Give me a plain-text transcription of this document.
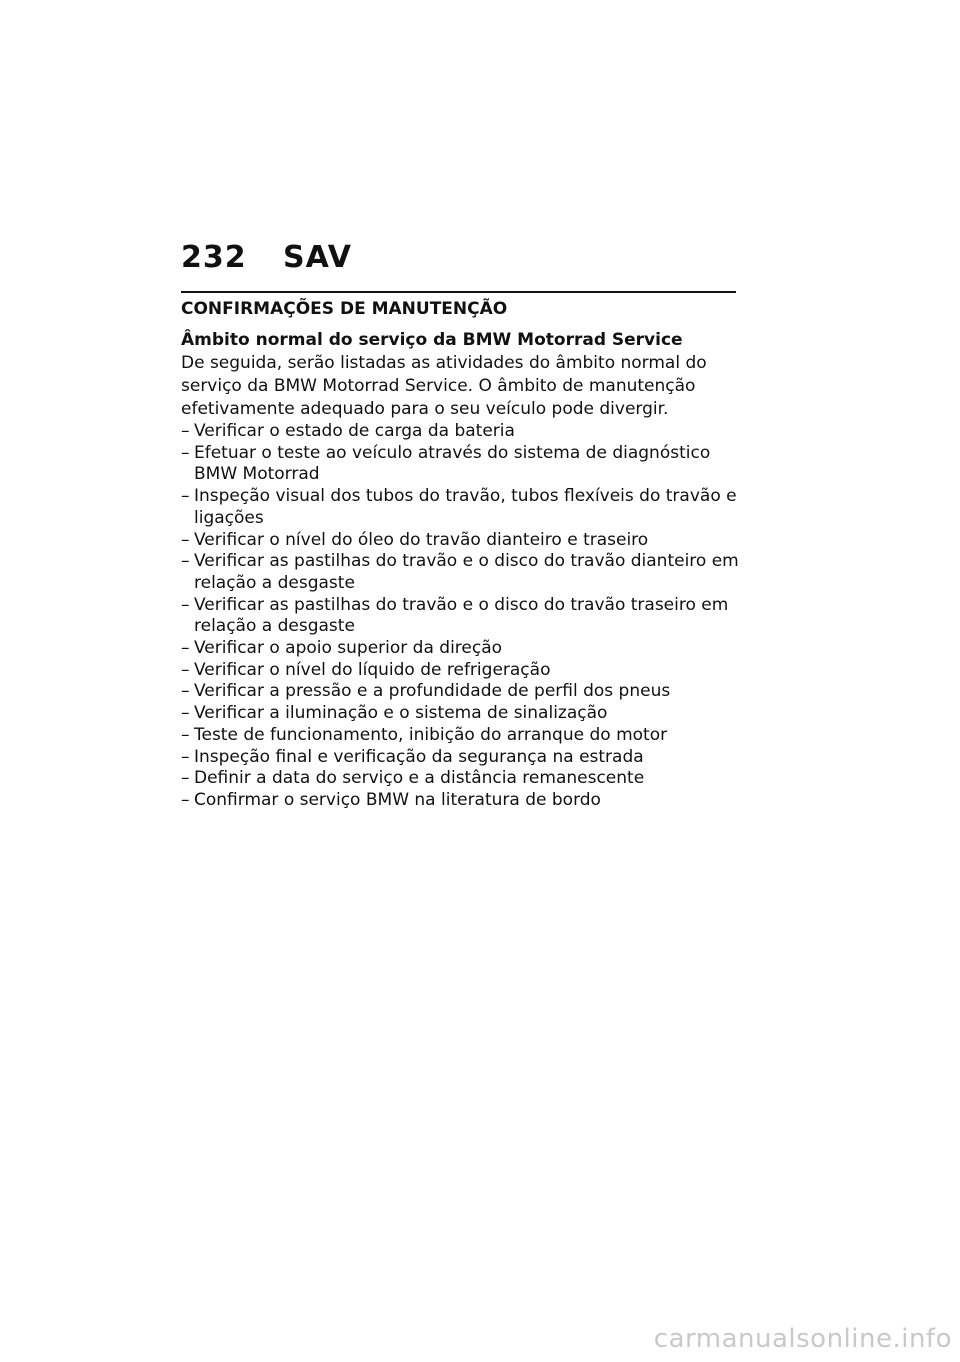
232	SAV
CONFIRMAÇÕES DE MANUTENÇÃO
Âmbito normal do serviço da BMW Motorrad Service

De seguida, serão listadas as atividades do âmbito normal do serviço da BMW Motorrad Service. O âmbito de manutenção efetivamente adequado para o seu veículo pode divergir.

– Verificar o estado de carga da bateria
– Efetuar o teste ao veículo através do sistema de diagnóstico BMW Motorrad
– Inspeção visual dos tubos do travão, tubos flexíveis do travão e ligações
– Verificar o nível do óleo do travão dianteiro e traseiro
– Verificar as pastilhas do travão e o disco do travão dianteiro em relação a desgaste
– Verificar as pastilhas do travão e o disco do travão traseiro em relação a desgaste
– Verificar o apoio superior da direção
– Verificar o nível do líquido de refrigeração
– Verificar a pressão e a profundidade de perfil dos pneus
– Verificar a iluminação e o sistema de sinalização
– Teste de funcionamento, inibição do arranque do motor
– Inspeção final e verificação da segurança na estrada
– Definir a data do serviço e a distância remanescente
– Confirmar o serviço BMW na literatura de bordo
carmanualsonline.info
